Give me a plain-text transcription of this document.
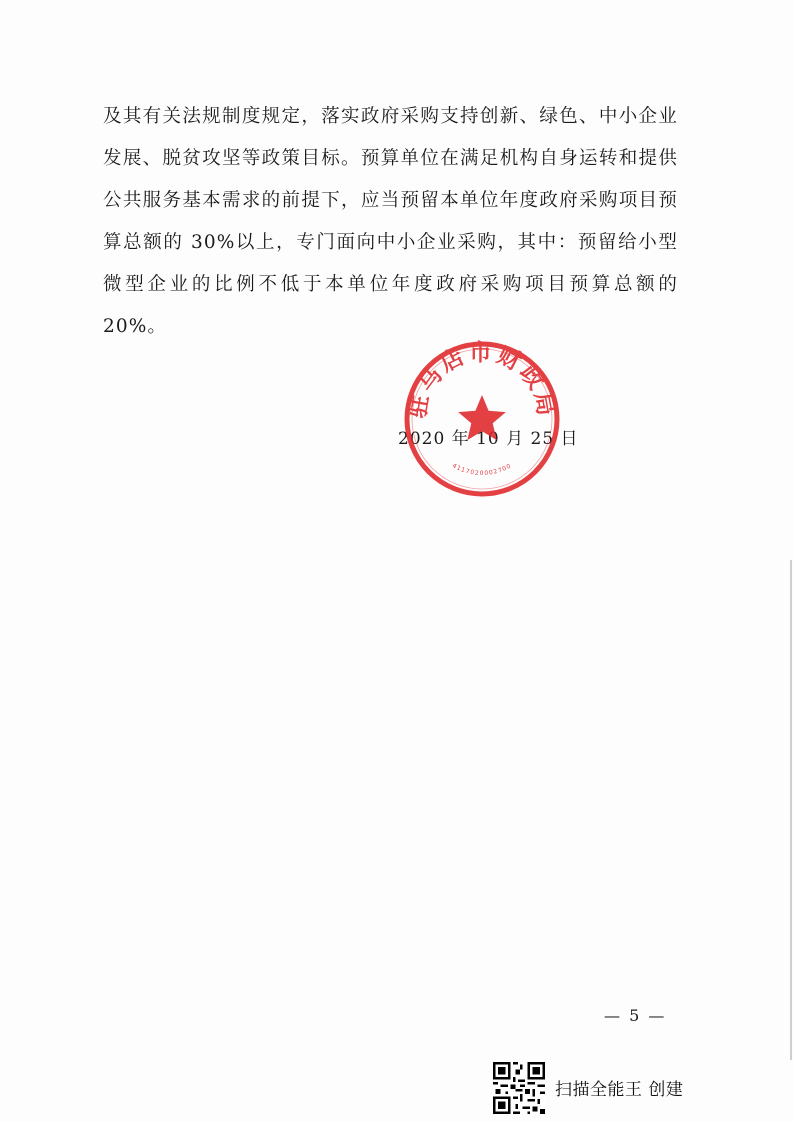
及其有关法规制度规定，落实政府采购支持创新、绿色、中小企业发展、脱贫攻坚等政策目标。预算单位在满足机构自身运转和提供公共服务基本需求的前提下，应当预留本单位年度政府采购项目预算总额的 30%以上，专门面向中小企业采购，其中：预留给小型微型企业的比例不低于本单位年度政府采购项目预算总额的 20%。

2020 年 10 月 25 日
驻马店市财政局
4117020002700
— 5 —
扫描全能王 创建
